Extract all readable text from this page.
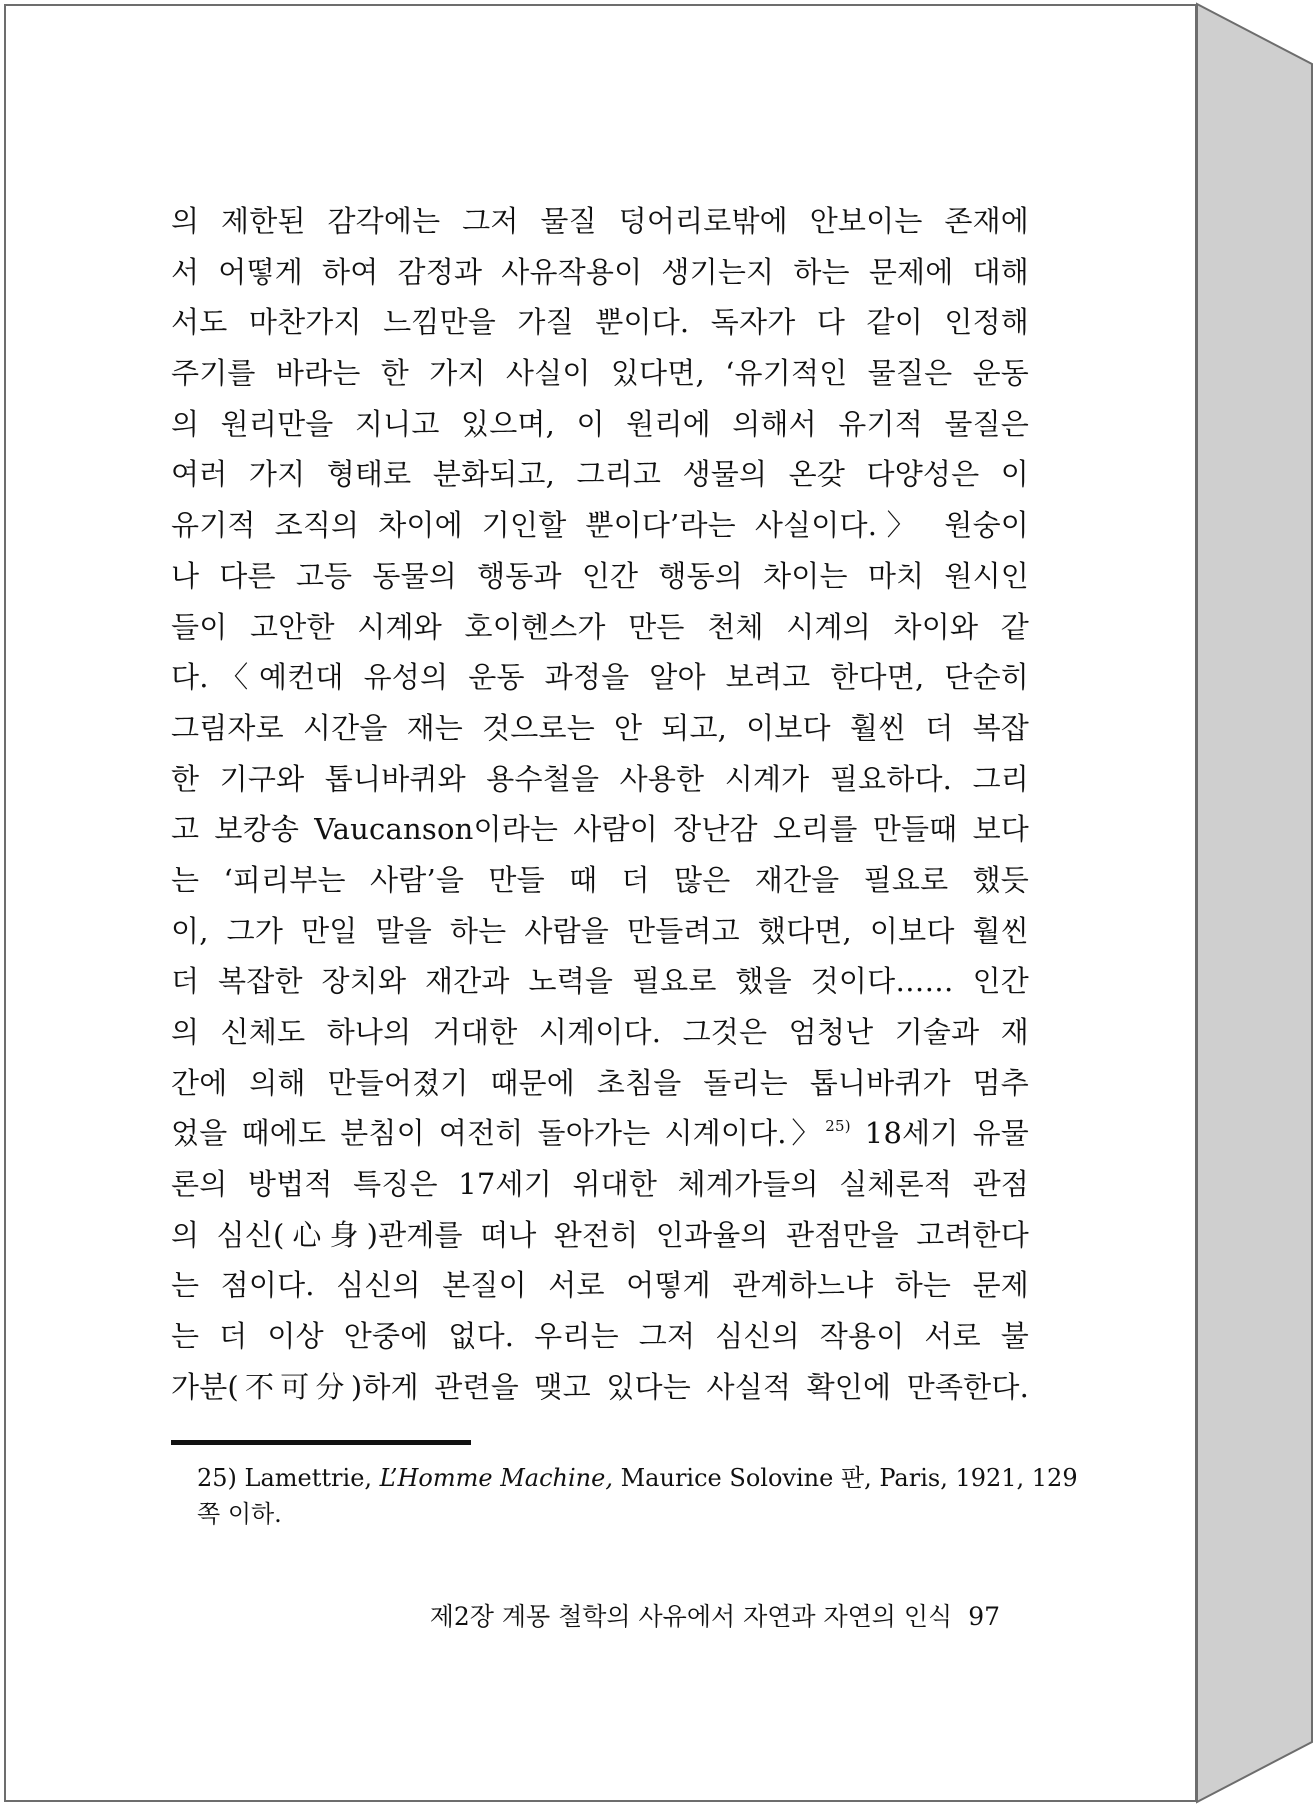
의 제한된 감각에는 그저 물질 덩어리로밖에 안보이는 존재에
서 어떻게 하여 감정과 사유작용이 생기는지 하는 문제에 대해
서도 마찬가지 느낌만을 가질 뿐이다. 독자가 다 같이 인정해
주기를 바라는 한 가지 사실이 있다면, ‘유기적인 물질은 운동
의 원리만을 지니고 있으며, 이 원리에 의해서 유기적 물질은
여러 가지 형태로 분화되고, 그리고 생물의 온갖 다양성은 이
유기적 조직의 차이에 기인할 뿐이다’라는 사실이다.〉 원숭이
나 다른 고등 동물의 행동과 인간 행동의 차이는 마치 원시인
들이 고안한 시계와 호이헨스가 만든 천체 시계의 차이와 같
다.〈예컨대 유성의 운동 과정을 알아 보려고 한다면, 단순히
그림자로 시간을 재는 것으로는 안 되고, 이보다 훨씬 더 복잡
한 기구와 톱니바퀴와 용수철을 사용한 시계가 필요하다. 그리
고 보캉송 Vaucanson이라는 사람이 장난감 오리를 만들때 보다
는 ‘피리부는 사람’을 만들 때 더 많은 재간을 필요로 했듯
이, 그가 만일 말을 하는 사람을 만들려고 했다면, 이보다 훨씬
더 복잡한 장치와 재간과 노력을 필요로 했을 것이다…… 인간
의 신체도 하나의 거대한 시계이다. 그것은 엄청난 기술과 재
간에 의해 만들어졌기 때문에 초침을 돌리는 톱니바퀴가 멈추
었을 때에도 분침이 여전히 돌아가는 시계이다.〉$^{25)}$ 18세기 유물
론의 방법적 특징은 17세기 위대한 체계가들의 실체론적 관점
의 심신(心身)관계를 떠나 완전히 인과율의 관점만을 고려한다
는 점이다. 심신의 본질이 서로 어떻게 관계하느냐 하는 문제
는 더 이상 안중에 없다. 우리는 그저 심신의 작용이 서로 불
가분(不可分)하게 관련을 맺고 있다는 사실적 확인에 만족한다.
25) Lamettrie, L’Homme Machine, Maurice Solovine 판, Paris, 1921, 129
쪽 이하.
제2장 계몽 철학의 사유에서 자연과 자연의 인식 97
